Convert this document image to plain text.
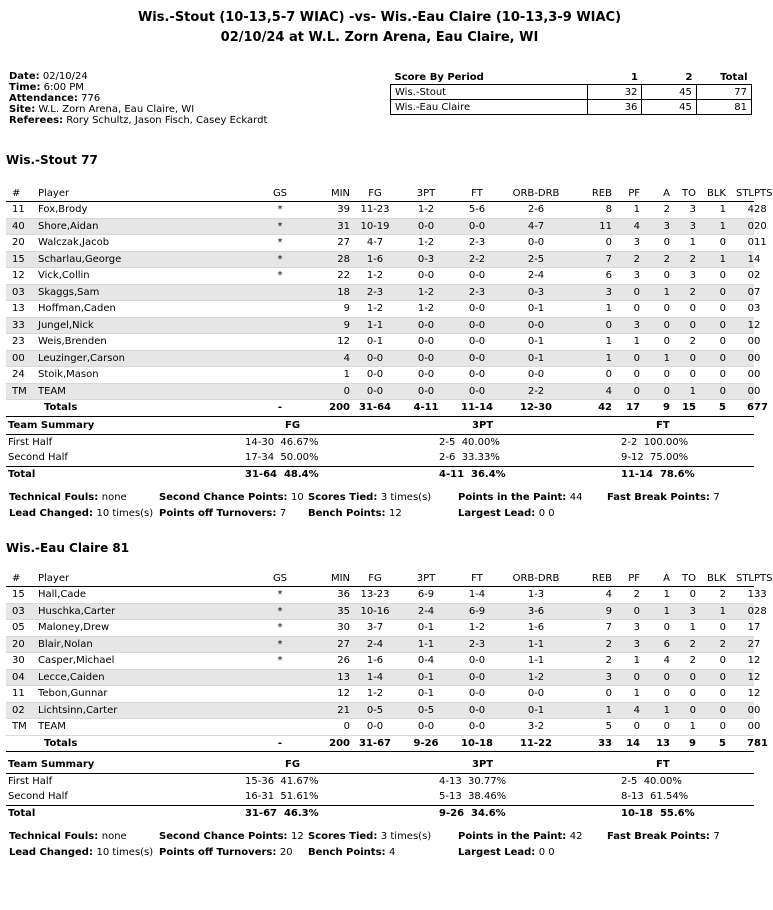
Wis.-Stout (10-13,5-7 WIAC) -vs- Wis.-Eau Claire (10-13,3-9 WIAC)
02/10/24 at W.L. Zorn Arena, Eau Claire, WI
Date: 02/10/24
Time: 6:00 PM
Attendance: 776
Site: W.L. Zorn Arena, Eau Claire, WI
Referees: Rory Schultz, Jason Fisch, Casey Eckardt
Score By Period	1	2	Total
Wis.-Stout	32	45	77
Wis.-Eau Claire	36	45	81
Wis.-Stout 77
#	Player	GS	MIN	FG	3PT	FT	ORB-DRB	REB	PF	A	TO	BLK	STL	PTS
11	Fox,Brody	*	39	11-23	1-2	5-6	2-6	8	1	2	3	1	4	28
40	Shore,Aidan	*	31	10-19	0-0	0-0	4-7	11	4	3	3	1	0	20
20	Walczak,Jacob	*	27	4-7	1-2	2-3	0-0	0	3	0	1	0	0	11
15	Scharlau,George	*	28	1-6	0-3	2-2	2-5	7	2	2	2	1	1	4
12	Vick,Collin	*	22	1-2	0-0	0-0	2-4	6	3	0	3	0	0	2
03	Skaggs,Sam		18	2-3	1-2	2-3	0-3	3	0	1	2	0	0	7
13	Hoffman,Caden		9	1-2	1-2	0-0	0-1	1	0	0	0	0	0	3
33	Jungel,Nick		9	1-1	0-0	0-0	0-0	0	3	0	0	0	1	2
23	Weis,Brenden		12	0-1	0-0	0-0	0-1	1	1	0	2	0	0	0
00	Leuzinger,Carson		4	0-0	0-0	0-0	0-1	1	0	1	0	0	0	0
24	Stoik,Mason		1	0-0	0-0	0-0	0-0	0	0	0	0	0	0	0
TM	TEAM		0	0-0	0-0	0-0	2-2	4	0	0	1	0	0	0
	Totals	-	200	31-64	4-11	11-14	12-30	42	17	9	15	5	6	77
Team Summary	FG	3PT	FT
First Half	14-30  46.67%	2-5  40.00%	2-2  100.00%
Second Half	17-34  50.00%	2-6  33.33%	9-12  75.00%
Total	31-64  48.4%	4-11  36.4%	11-14  78.6%
Technical Fouls: none	Second Chance Points: 10 Scores Tied: 3 times(s)	Points in the Paint: 44 Fast Break Points: 7
Lead Changed: 10 times(s) Points off Turnovers: 7 Bench Points: 12	Largest Lead: 0 0
Wis.-Eau Claire 81
#	Player	GS	MIN	FG	3PT	FT	ORB-DRB	REB	PF	A	TO	BLK	STL	PTS
15	Hall,Cade	*	36	13-23	6-9	1-4	1-3	4	2	1	0	2	1	33
03	Huschka,Carter	*	35	10-16	2-4	6-9	3-6	9	0	1	3	1	0	28
05	Maloney,Drew	*	30	3-7	0-1	1-2	1-6	7	3	0	1	0	1	7
20	Blair,Nolan	*	27	2-4	1-1	2-3	1-1	2	3	6	2	2	2	7
30	Casper,Michael	*	26	1-6	0-4	0-0	1-1	2	1	4	2	0	1	2
04	Lecce,Caiden		13	1-4	0-1	0-0	1-2	3	0	0	0	0	1	2
11	Tebon,Gunnar		12	1-2	0-1	0-0	0-0	0	1	0	0	0	1	2
02	Lichtsinn,Carter		21	0-5	0-5	0-0	0-1	1	4	1	0	0	0	0
TM	TEAM		0	0-0	0-0	0-0	3-2	5	0	0	1	0	0	0
	Totals	-	200	31-67	9-26	10-18	11-22	33	14	13	9	5	7	81
Team Summary	FG	3PT	FT
First Half	15-36  41.67%	4-13  30.77%	2-5  40.00%
Second Half	16-31  51.61%	5-13  38.46%	8-13  61.54%
Total	31-67  46.3%	9-26  34.6%	10-18  55.6%
Technical Fouls: none	Second Chance Points: 12 Scores Tied: 3 times(s)	Points in the Paint: 42 Fast Break Points: 7
Lead Changed: 10 times(s) Points off Turnovers: 20 Bench Points: 4	Largest Lead: 0 0
